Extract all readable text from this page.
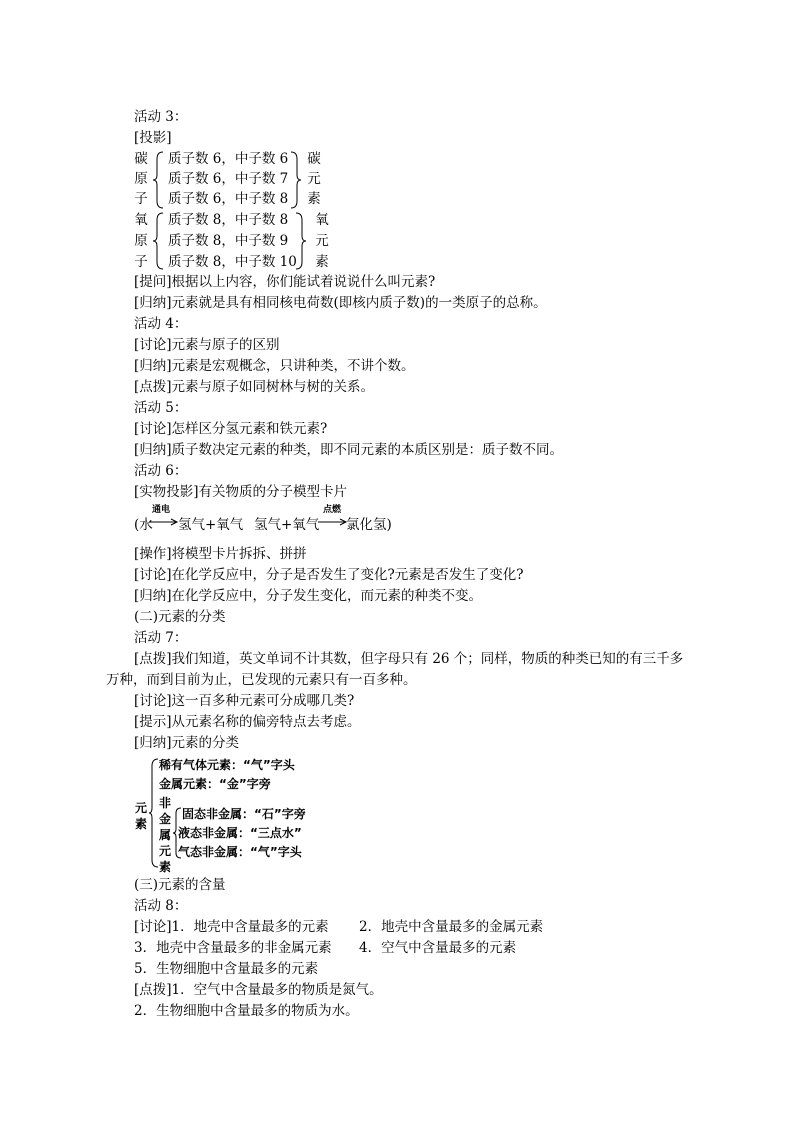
活动 3：
[投影]
碳
原
子
质子数 6，中子数 6
质子数 6，中子数 7
质子数 6，中子数 8
碳
元
素
氧
原
子
质子数 8，中子数 8
质子数 8，中子数 9
质子数 8，中子数 10
氧
元
素
[提问]根据以上内容，你们能试着说说什么叫元素?
[归纳]元素就是具有相同核电荷数(即核内质子数)的一类原子的总称。
活动 4：
[讨论]元素与原子的区别
[归纳]元素是宏观概念，只讲种类，不讲个数。
[点拨]元素与原子如同树林与树的关系。
活动 5：
[讨论]怎样区分氢元素和铁元素?
[归纳]质子数决定元素的种类，即不同元素的本质区别是：质子数不同。
活动 6：
[实物投影]有关物质的分子模型卡片
(水
通电
→ 氢气+氧气 氢气+氧气
点燃
氯化氢)
[操作]将模型卡片拆拆、拼拼
[讨论]在化学反应中，分子是否发生了变化?元素是否发生了变化?
[归纳]在化学反应中，分子发生变化，而元素的种类不变。
(二)元素的分类
活动 7：
[点拨]我们知道，英文单词不计其数，但字母只有 26 个；同样，物质的种类已知的有三千多
万种，而到目前为止，已发现的元素只有一百多种。
[讨论]这一百多种元素可分成哪几类?
[提示]从元素名称的偏旁特点去考虑。
[归纳]元素的分类
元
素
稀有气体元素：“气”字头
金属元素：“金”字旁
非
金
属
元
素
固态非金属：“石”字旁
液态非金属：“三点水”
气态非金属：“气”字头
(三)元素的含量
活动 8：
[讨论]1．地壳中含量最多的元素 2．地壳中含量最多的金属元素
3．地壳中含量最多的非金属元素 4．空气中含量最多的元素
5．生物细胞中含量最多的元素
[点拨]1．空气中含量最多的物质是氮气。
2．生物细胞中含量最多的物质为水。
